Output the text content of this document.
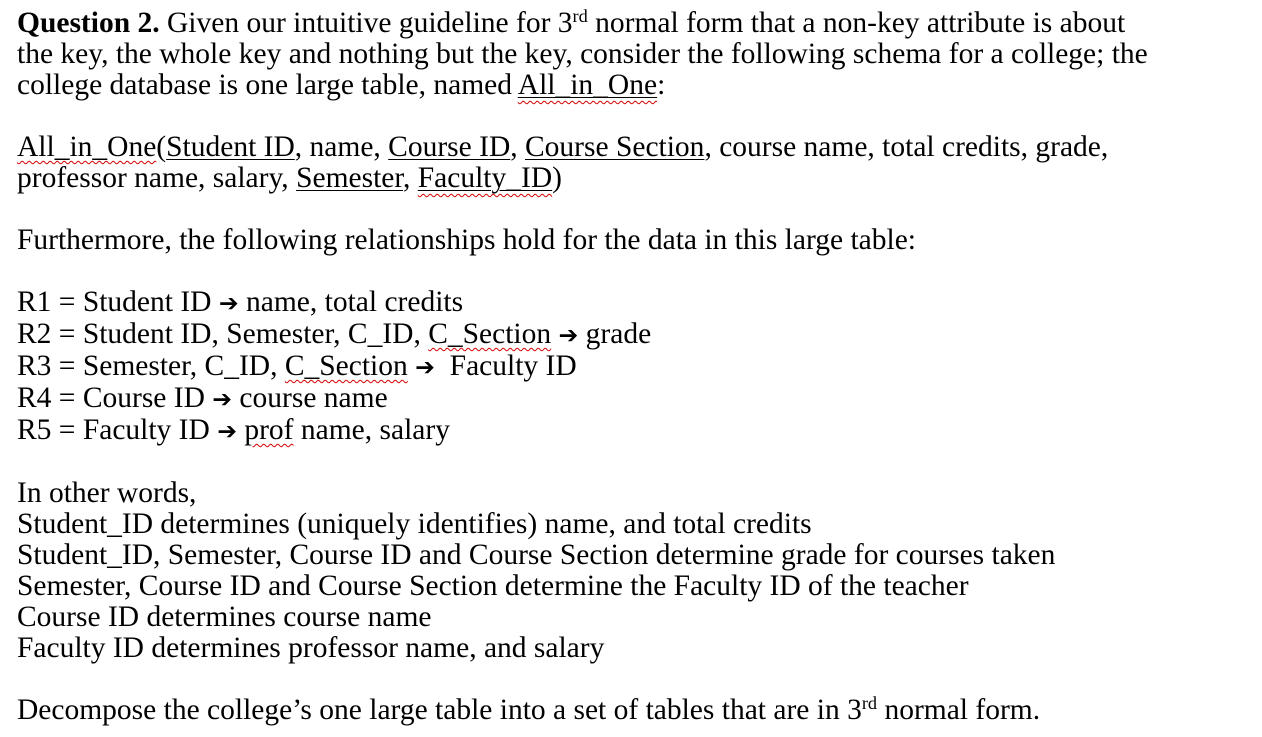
Question 2. Given our intuitive guideline for 3rd normal form that a non-key attribute is about

the key, the whole key and nothing but the key, consider the following schema for a college; the

college database is one large table, named All_in_One:

All_in_One(Student ID, name, Course ID, Course Section, course name, total credits, grade,

professor name, salary, Semester, Faculty_ID)

Furthermore, the following relationships hold for the data in this large table:

R1 = Student ID ➔ name, total credits

R2 = Student ID, Semester, C_ID, C_Section ➔ grade

R3 = Semester, C_ID, C_Section ➔  Faculty ID

R4 = Course ID ➔ course name

R5 = Faculty ID ➔ prof name, salary

In other words,

Student_ID determines (uniquely identifies) name, and total credits

Student_ID, Semester, Course ID and Course Section determine grade for courses taken

Semester, Course ID and Course Section determine the Faculty ID of the teacher

Course ID determines course name

Faculty ID determines professor name, and salary

Decompose the college’s one large table into a set of tables that are in 3rd normal form.
